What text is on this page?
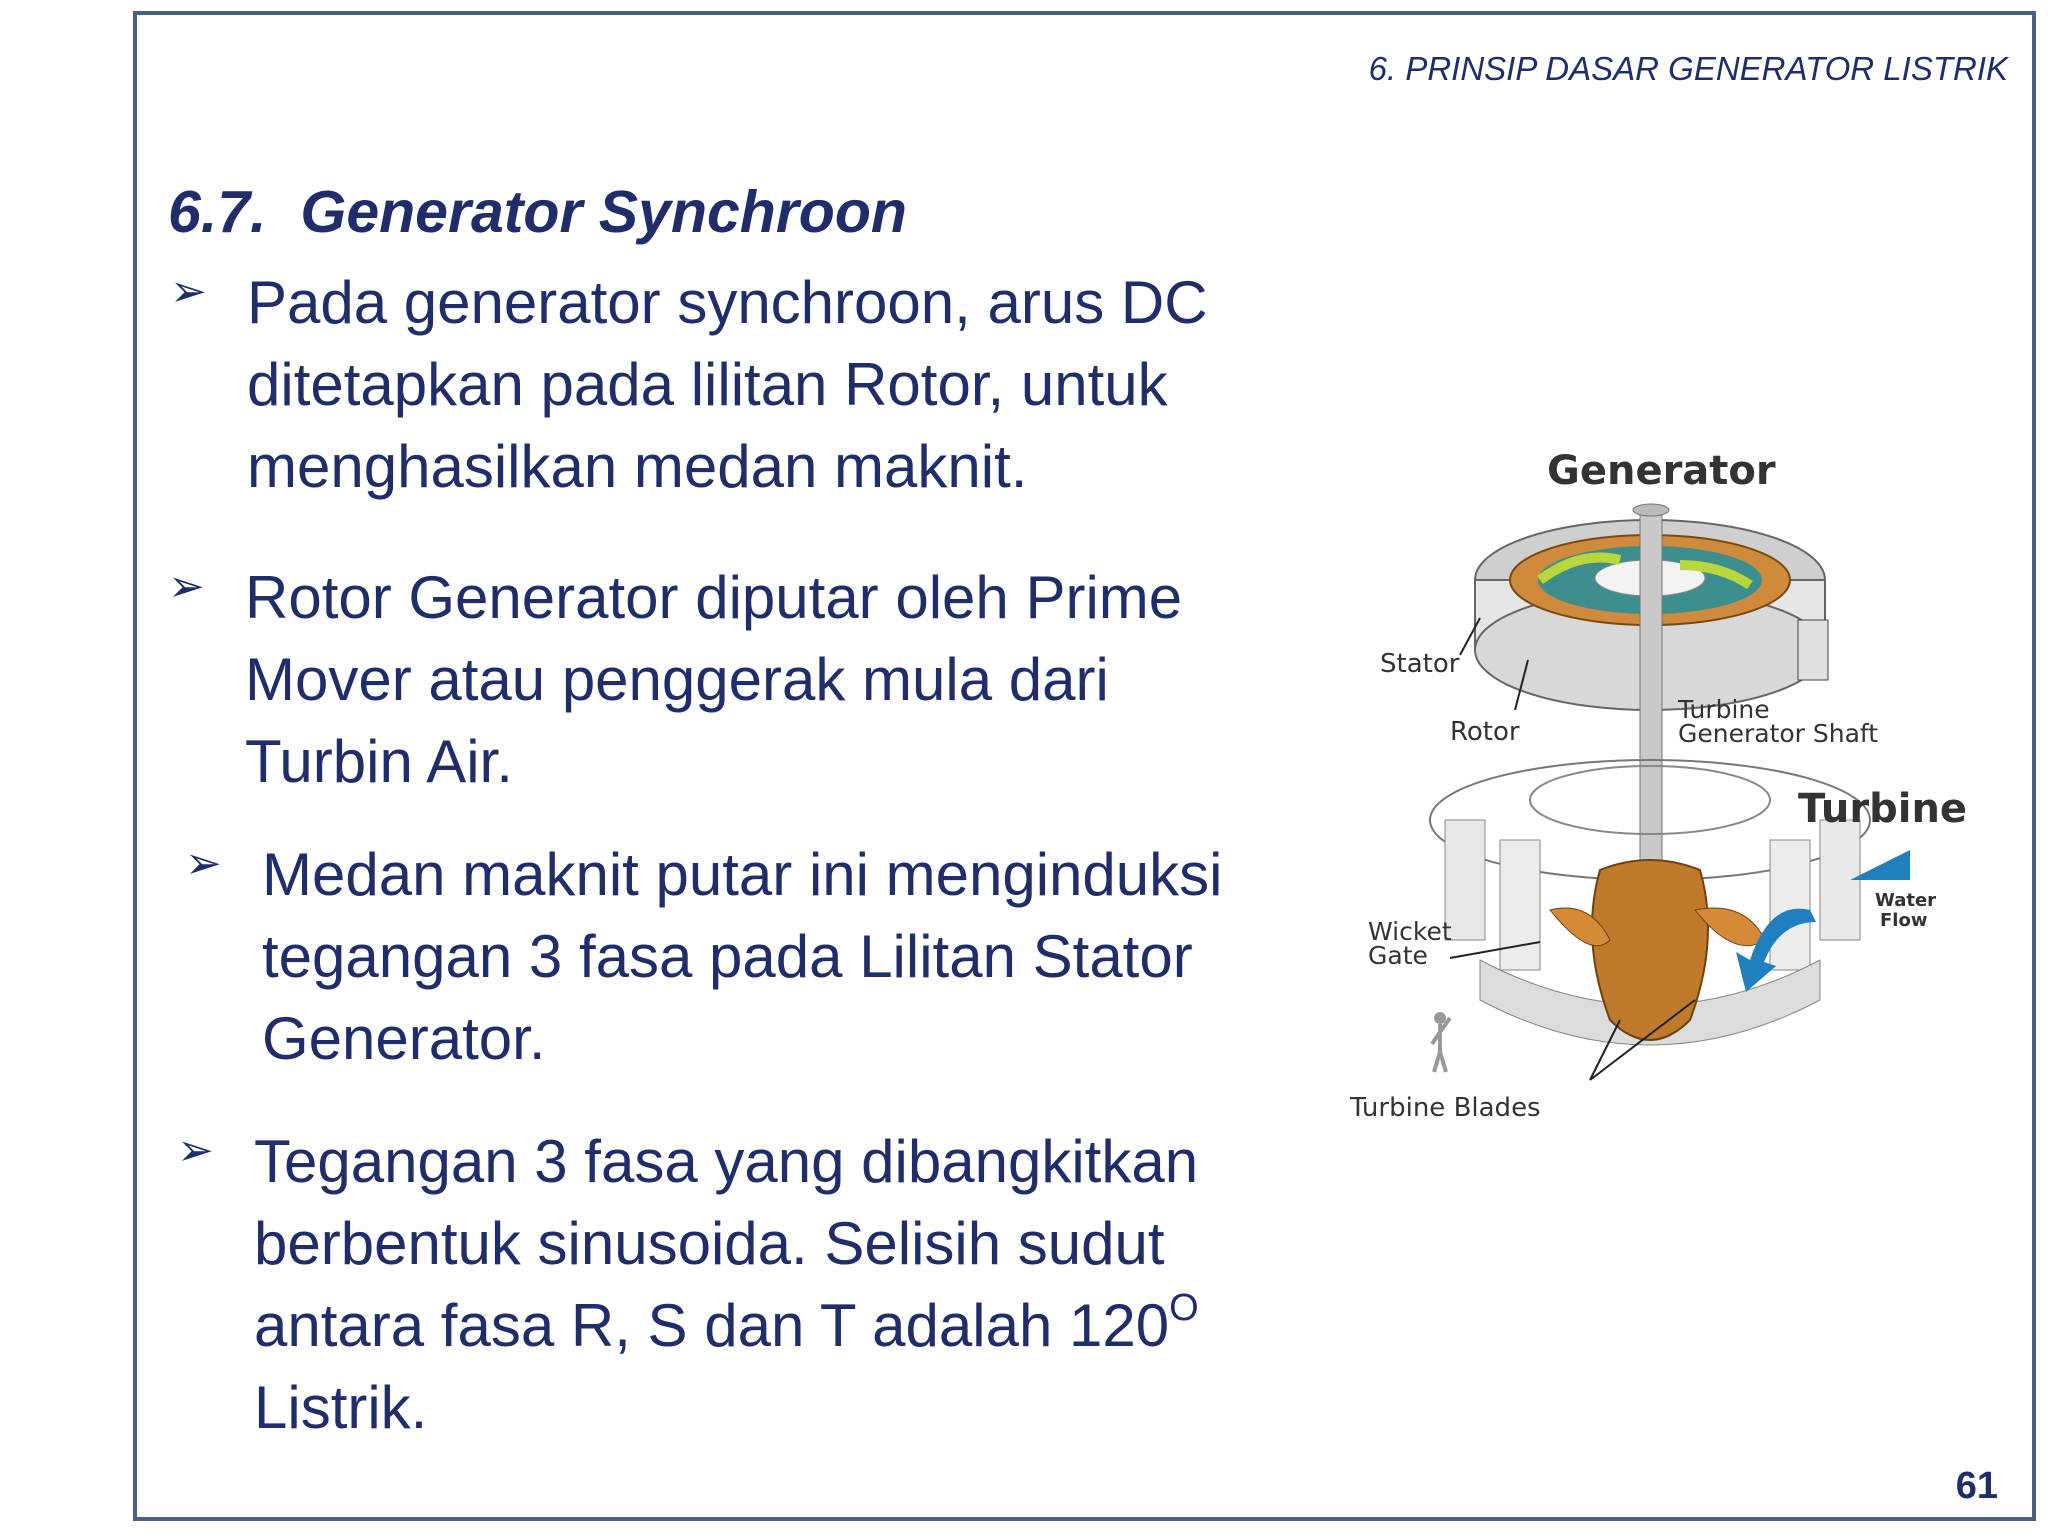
6. PRINSIP DASAR GENERATOR LISTRIK
6.7. Generator Synchroon
➢ Pada generator synchroon, arus DC ditetapkan pada lilitan Rotor, untuk menghasilkan medan maknit.
➢ Rotor Generator diputar oleh Prime Mover atau penggerak mula dari Turbin Air.
➢ Medan maknit putar ini menginduksi tegangan 3 fasa pada Lilitan Stator Generator.
➢ Tegangan 3 fasa yang dibangkitkan berbentuk sinusoida. Selisih sudut antara fasa R, S dan T adalah $120^O$ Listrik.
Generator
Water
Flow
Stator
Rotor
Turbine
Generator Shaft
Turbine
Wicket
Gate
Turbine Blades
61
